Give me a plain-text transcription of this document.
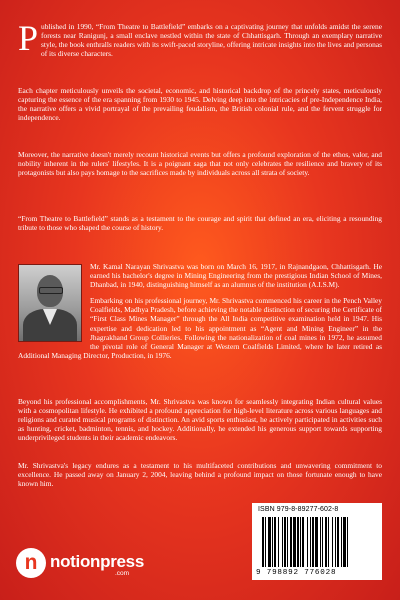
Published in 1990, “From Theatre to Battlefield” embarks on a captivating journey that unfolds amidst the serene forests near Ranigunj, a small enclave nestled within the state of Chhattisgarh. Through an exemplary narrative style, the book enthralls readers with its swift-paced storyline, offering intricate insights into the lives and personas of its diverse characters.

Each chapter meticulously unveils the societal, economic, and historical backdrop of the princely states, meticulously capturing the essence of the era spanning from 1930 to 1945. Delving deep into the intricacies of pre-Independence India, the narrative offers a vivid portrayal of the prevailing feudalism, the British colonial rule, and the fervent struggle for independence.

Moreover, the narrative doesn't merely recount historical events but offers a profound exploration of the ethos, valor, and nobility inherent in the rulers' lifestyles. It is a poignant saga that not only celebrates the resilience and bravery of its protagonists but also pays homage to the sacrifices made by individuals across all strata of society.

“From Theatre to Battlefield” stands as a testament to the courage and spirit that defined an era, eliciting a resounding tribute to those who shaped the course of history.

Mr. Kamal Narayan Shrivastva was born on March 16, 1917, in Rajnandgaon, Chhattisgarh. He earned his bachelor's degree in Mining Engineering from the prestigious Indian School of Mines, Dhanbad, in 1940, distinguishing himself as an alumnus of the institution (A.I.S.M).

Embarking on his professional journey, Mr. Shrivastva commenced his career in the Pench Valley Coalfields, Madhya Pradesh, before achieving the notable distinction of securing the Certificate of “First Class Mines Manager” through the All India competitive examination held in 1947. His expertise and dedication led to his appointment as “Agent and Mining Engineer” in the Jhagrakhand Group Collieries. Following the nationalization of coal mines in 1972, he assumed the pivotal role of General Manager at Western Coalfields Limited, where he later retired as Additional Managing Director, Production, in 1976.

Beyond his professional accomplishments, Mr. Shrivastva was known for seamlessly integrating Indian cultural values with a cosmopolitan lifestyle. He exhibited a profound appreciation for high-level literature across various languages and religions and curated musical programs of distinction. An avid sports enthusiast, he actively participated in activities such as hunting, cricket, badminton, tennis, and hockey. Additionally, he extended his generous support towards supporting underprivileged students in their academic endeavors.

Mr. Shrivastva's legacy endures as a testament to his multifaceted contributions and unwavering commitment to excellence. He passed away on January 2, 2004, leaving behind a profound impact on those fortunate enough to have known him.

n notionpress
.com
ISBN 979-8-89277-602-8
9 798892 776028
